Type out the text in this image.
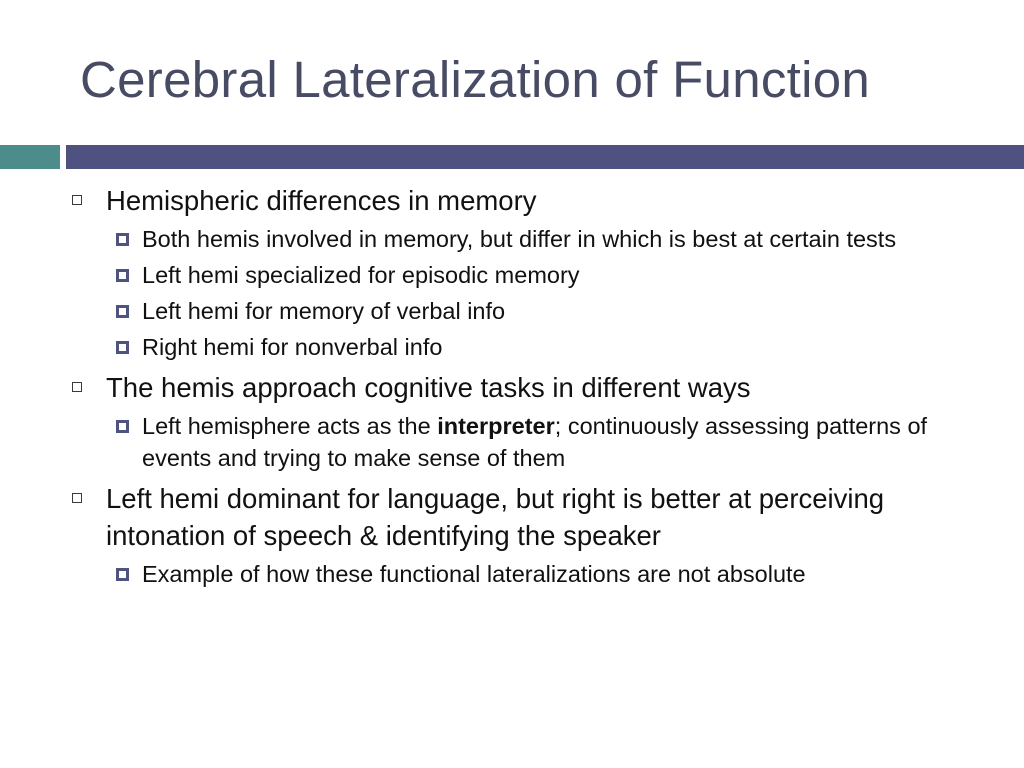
Cerebral Lateralization of Function
Hemispheric differences in memory
Both hemis involved in memory, but differ in which is best at certain tests
Left hemi specialized for episodic memory
Left hemi for memory of verbal info
Right hemi for nonverbal info
The hemis approach cognitive tasks in different ways
Left hemisphere acts as the interpreter; continuously assessing patterns of events and trying to make sense of them
Left hemi dominant for language, but right is better at perceiving intonation of speech & identifying the speaker
Example of how these functional lateralizations are not absolute
